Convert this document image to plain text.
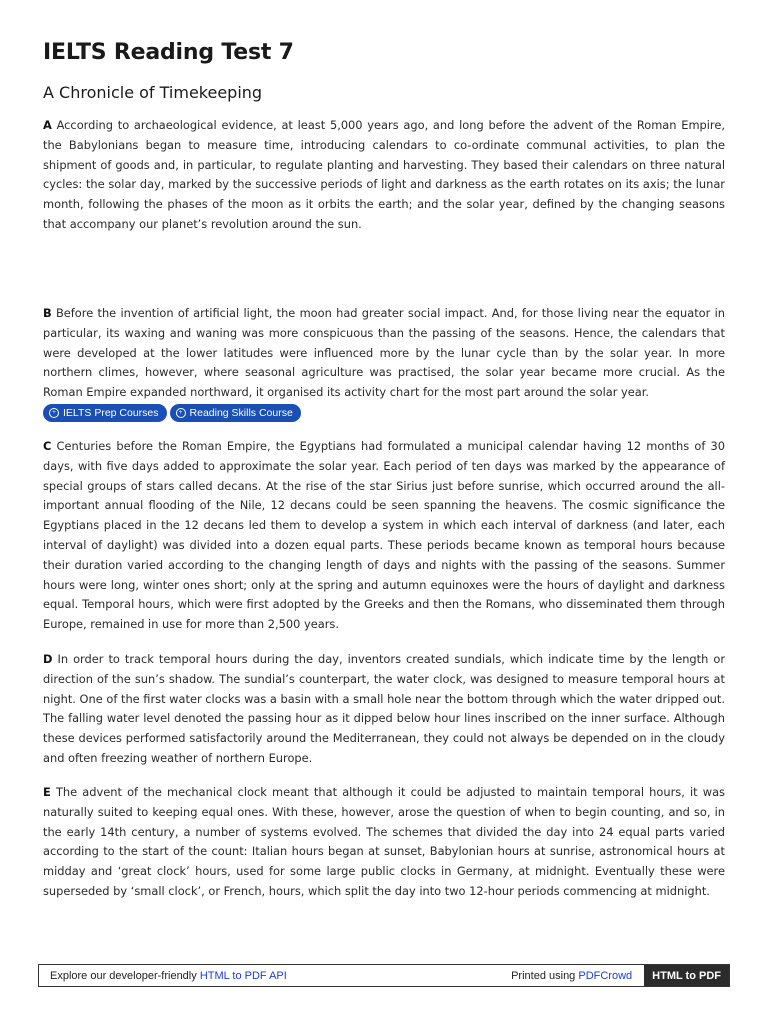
IELTS Reading Test 7
A Chronicle of Timekeeping

A According to archaeological evidence, at least 5,000 years ago, and long before the advent of the Roman Empire, the Babylonians began to measure time, introducing calendars to co-ordinate communal activities, to plan the shipment of goods and, in particular, to regulate planting and harvesting. They based their calendars on three natural cycles: the solar day, marked by the successive periods of light and darkness as the earth rotates on its axis; the lunar month, following the phases of the moon as it orbits the earth; and the solar year, defined by the changing seasons that accompany our planet’s revolution around the sun.

B Before the invention of artificial light, the moon had greater social impact. And, for those living near the equator in particular, its waxing and waning was more conspicuous than the passing of the seasons. Hence, the calendars that were developed at the lower latitudes were influenced more by the lunar cycle than by the solar year. In more northern climes, however, where seasonal agriculture was practised, the solar year became more crucial. As the Roman Empire expanded northward, it organised its activity chart for the most part around the solar year.

+ IELTS Prep Courses	+ Reading Skills Course

C Centuries before the Roman Empire, the Egyptians had formulated a municipal calendar having 12 months of 30 days, with five days added to approximate the solar year. Each period of ten days was marked by the appearance of special groups of stars called decans. At the rise of the star Sirius just before sunrise, which occurred around the all-important annual flooding of the Nile, 12 decans could be seen spanning the heavens. The cosmic significance the Egyptians placed in the 12 decans led them to develop a system in which each interval of darkness (and later, each interval of daylight) was divided into a dozen equal parts. These periods became known as temporal hours because their duration varied according to the changing length of days and nights with the passing of the seasons. Summer hours were long, winter ones short; only at the spring and autumn equinoxes were the hours of daylight and darkness equal. Temporal hours, which were first adopted by the Greeks and then the Romans, who disseminated them through Europe, remained in use for more than 2,500 years.

D In order to track temporal hours during the day, inventors created sundials, which indicate time by the length or direction of the sun’s shadow. The sundial’s counterpart, the water clock, was designed to measure temporal hours at night. One of the first water clocks was a basin with a small hole near the bottom through which the water dripped out. The falling water level denoted the passing hour as it dipped below hour lines inscribed on the inner surface. Although these devices performed satisfactorily around the Mediterranean, they could not always be depended on in the cloudy and often freezing weather of northern Europe.

E The advent of the mechanical clock meant that although it could be adjusted to maintain temporal hours, it was naturally suited to keeping equal ones. With these, however, arose the question of when to begin counting, and so, in the early 14th century, a number of systems evolved. The schemes that divided the day into 24 equal parts varied according to the start of the count: Italian hours began at sunset, Babylonian hours at sunrise, astronomical hours at midday and ‘great clock’ hours, used for some large public clocks in Germany, at midnight. Eventually these were superseded by ‘small clock’, or French, hours, which split the day into two 12-hour periods commencing at midnight.

Explore our developer-friendly HTML to PDF API	Printed using PDFCrowd	HTML to PDF
